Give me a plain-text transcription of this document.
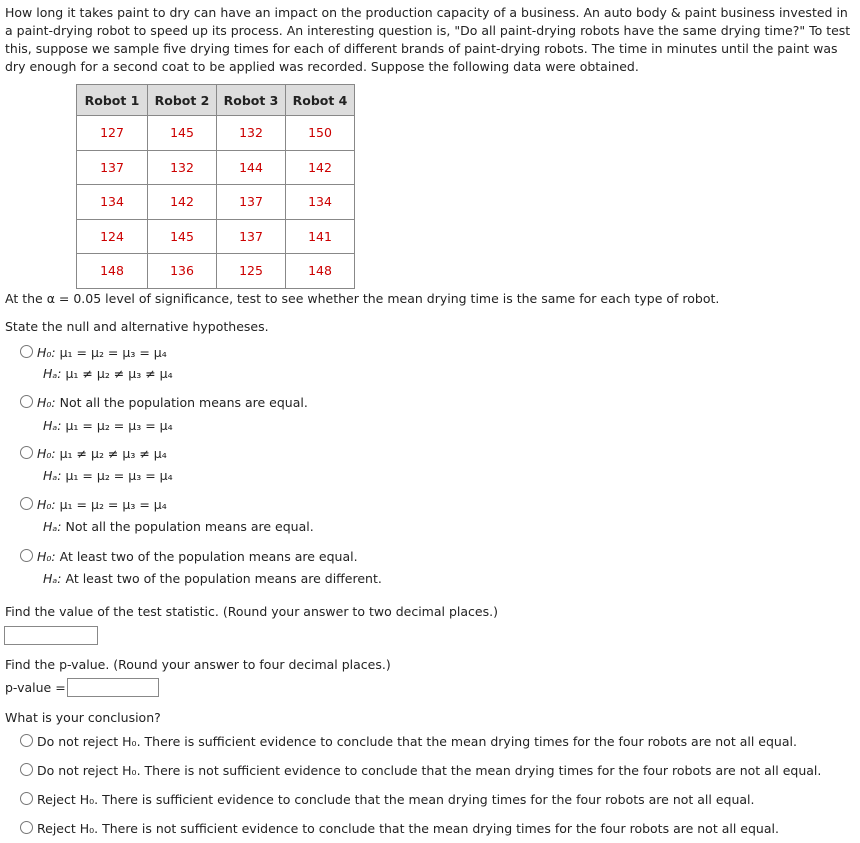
How long it takes paint to dry can have an impact on the production capacity of a business. An auto body & paint business invested in a paint-drying robot to speed up its process. An interesting question is, "Do all paint-drying robots have the same drying time?" To test this, suppose we sample five drying times for each of different brands of paint-drying robots. The time in minutes until the paint was dry enough for a second coat to be applied was recorded. Suppose the following data were obtained.
Robot 1	Robot 2	Robot 3	Robot 4
127	145	132	150
137	132	144	142
134	142	137	134
124	145	137	141
148	136	125	148
At the α = 0.05 level of significance, test to see whether the mean drying time is the same for each type of robot.
State the null and alternative hypotheses.
H₀: μ₁ = μ₂ = μ₃ = μ₄
Hₐ: μ₁ ≠ μ₂ ≠ μ₃ ≠ μ₄
H₀: Not all the population means are equal.
Hₐ: μ₁ = μ₂ = μ₃ = μ₄
H₀: μ₁ ≠ μ₂ ≠ μ₃ ≠ μ₄
Hₐ: μ₁ = μ₂ = μ₃ = μ₄
H₀: μ₁ = μ₂ = μ₃ = μ₄
Hₐ: Not all the population means are equal.
H₀: At least two of the population means are equal.
Hₐ: At least two of the population means are different.
Find the value of the test statistic. (Round your answer to two decimal places.)
Find the p-value. (Round your answer to four decimal places.)
p-value =
What is your conclusion?
Do not reject H₀. There is sufficient evidence to conclude that the mean drying times for the four robots are not all equal.
Do not reject H₀. There is not sufficient evidence to conclude that the mean drying times for the four robots are not all equal.
Reject H₀. There is sufficient evidence to conclude that the mean drying times for the four robots are not all equal.
Reject H₀. There is not sufficient evidence to conclude that the mean drying times for the four robots are not all equal.
